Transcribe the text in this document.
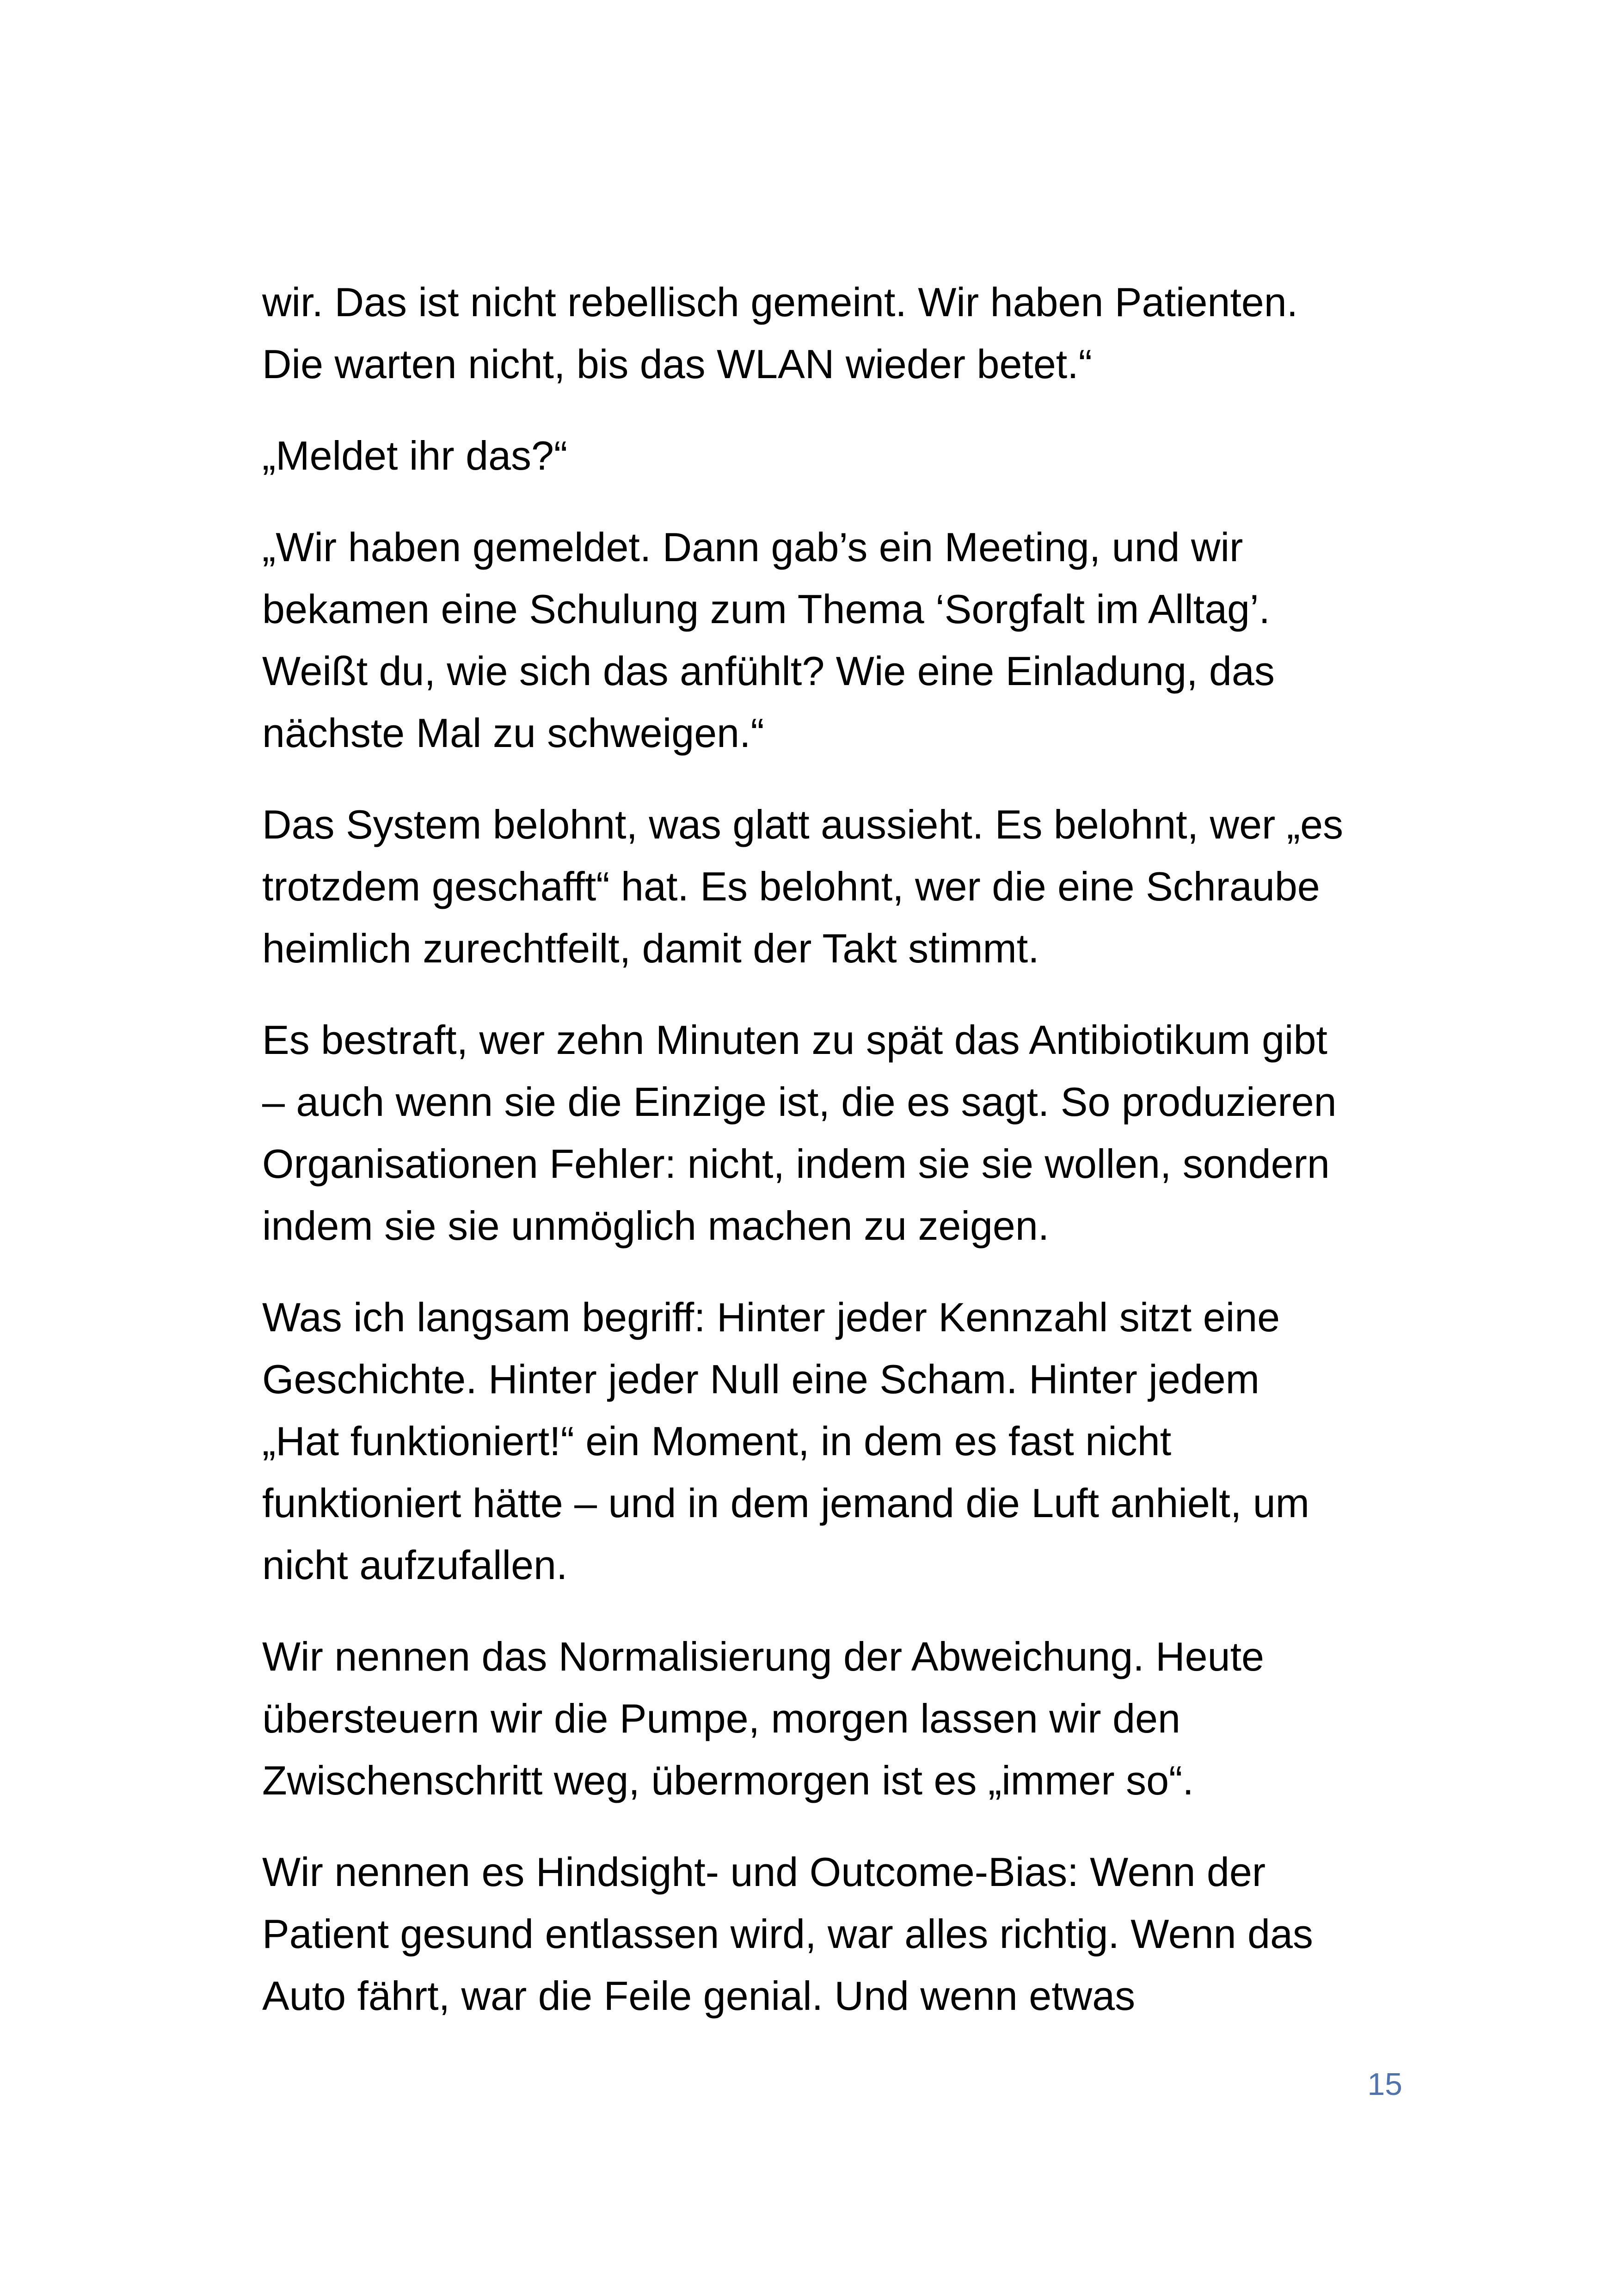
wir. Das ist nicht rebellisch gemeint. Wir haben Patienten.
Die warten nicht, bis das WLAN wieder betet.“
„Meldet ihr das?“
„Wir haben gemeldet. Dann gab’s ein Meeting, und wir
bekamen eine Schulung zum Thema ‘Sorgfalt im Alltag’.
Weißt du, wie sich das anfühlt? Wie eine Einladung, das
nächste Mal zu schweigen.“
Das System belohnt, was glatt aussieht. Es belohnt, wer „es
trotzdem geschafft“ hat. Es belohnt, wer die eine Schraube
heimlich zurechtfeilt, damit der Takt stimmt.
Es bestraft, wer zehn Minuten zu spät das Antibiotikum gibt
– auch wenn sie die Einzige ist, die es sagt. So produzieren
Organisationen Fehler: nicht, indem sie sie wollen, sondern
indem sie sie unmöglich machen zu zeigen.
Was ich langsam begriff: Hinter jeder Kennzahl sitzt eine
Geschichte. Hinter jeder Null eine Scham. Hinter jedem
„Hat funktioniert!“ ein Moment, in dem es fast nicht
funktioniert hätte – und in dem jemand die Luft anhielt, um
nicht aufzufallen.
Wir nennen das Normalisierung der Abweichung. Heute
übersteuern wir die Pumpe, morgen lassen wir den
Zwischenschritt weg, übermorgen ist es „immer so“.
Wir nennen es Hindsight- und Outcome-Bias: Wenn der
Patient gesund entlassen wird, war alles richtig. Wenn das
Auto fährt, war die Feile genial. Und wenn etwas
15
